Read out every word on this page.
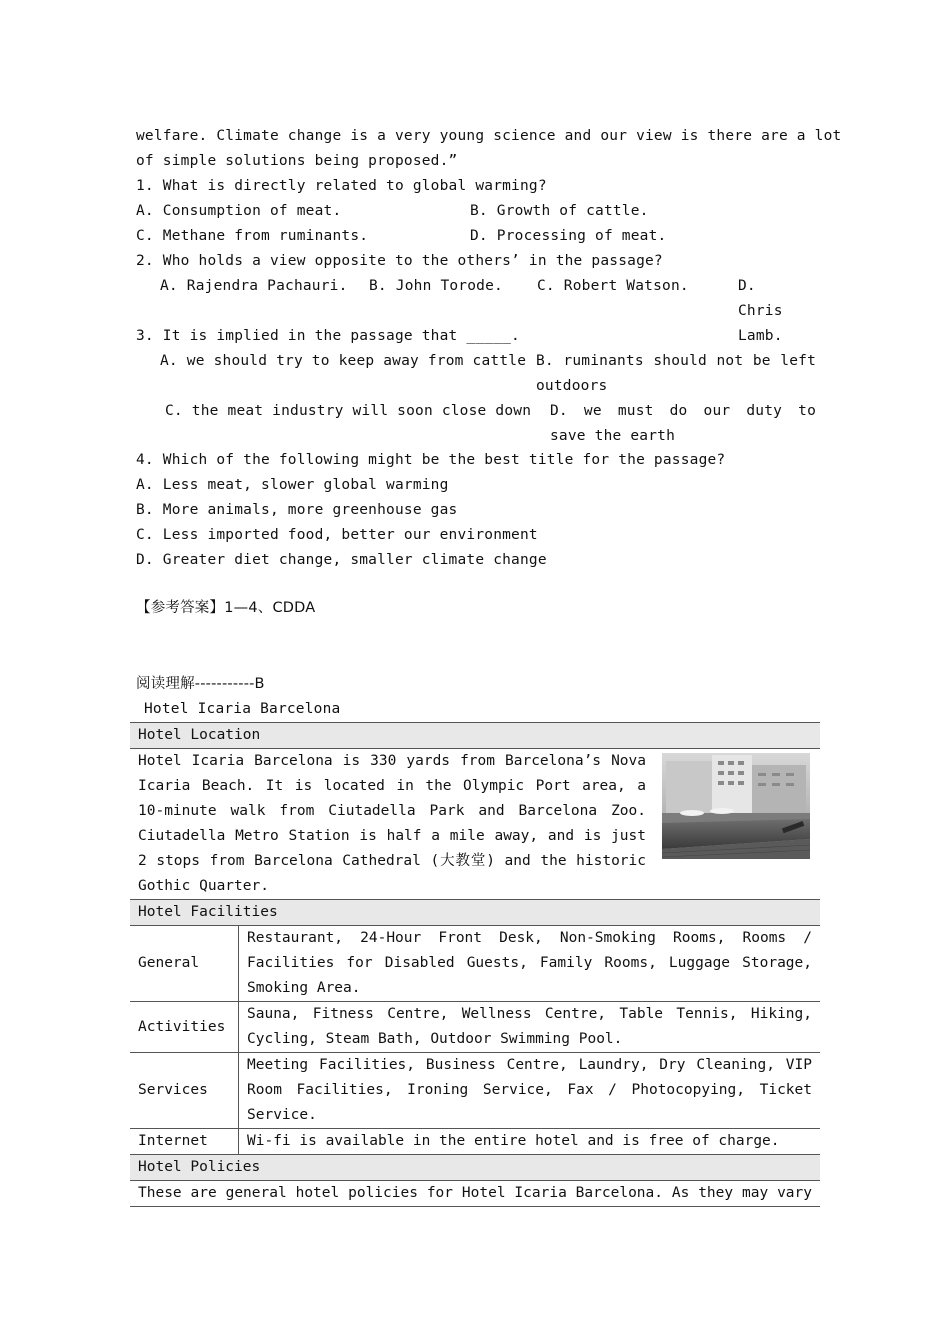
welfare. Climate change is a very young science and our view is there are a lot
of simple solutions being proposed.”
1. What is directly related to global warming?
A. Consumption of meat.	B. Growth of cattle.
C. Methane from ruminants.	D. Processing of meat.
2. Who holds a view opposite to the others’ in the passage?
A. Rajendra Pachauri.	B. John Torode.	C. Robert Watson.	D. Chris Lamb.
3. It is implied in the passage that _____.
A. we should try to keep away from cattle B. ruminants should not be left outdoors
C. the meat industry will soon close down D. we must do our duty to save the earth
4. Which of the following might be the best title for the passage?
A. Less meat, slower global warming
B. More animals, more greenhouse gas
C. Less imported food, better our environment
D. Greater diet change, smaller climate change
【参考答案】1—4、CDDA
阅读理解-----------B
Hotel Icaria Barcelona
Hotel Location	

Hotel Icaria Barcelona is 330 yards from Barcelona’s Nova Icaria Beach. It is located in the Olympic Port area, a 10-minute walk from Ciutadella Park and Barcelona Zoo. Ciutadella Metro Station is half a mile away, and is just 2 stops from Barcelona Cathedral (大教堂) and the historic Gothic Quarter.	

Hotel Facilities	
General	Restaurant, 24-Hour Front Desk, Non-Smoking Rooms, Rooms / Facilities for Disabled Guests, Family Rooms, Luggage Storage, Smoking Area.
Activities	Sauna, Fitness Centre, Wellness Centre, Table Tennis, Hiking, Cycling, Steam Bath, Outdoor Swimming Pool.
Services	Meeting Facilities, Business Centre, Laundry, Dry Cleaning, VIP Room Facilities, Ironing Service, Fax / Photocopying, Ticket Service.
Internet	Wi-fi is available in the entire hotel and is free of charge.
Hotel Policies	
These are general hotel policies for Hotel Icaria Barcelona. As they may vary	
